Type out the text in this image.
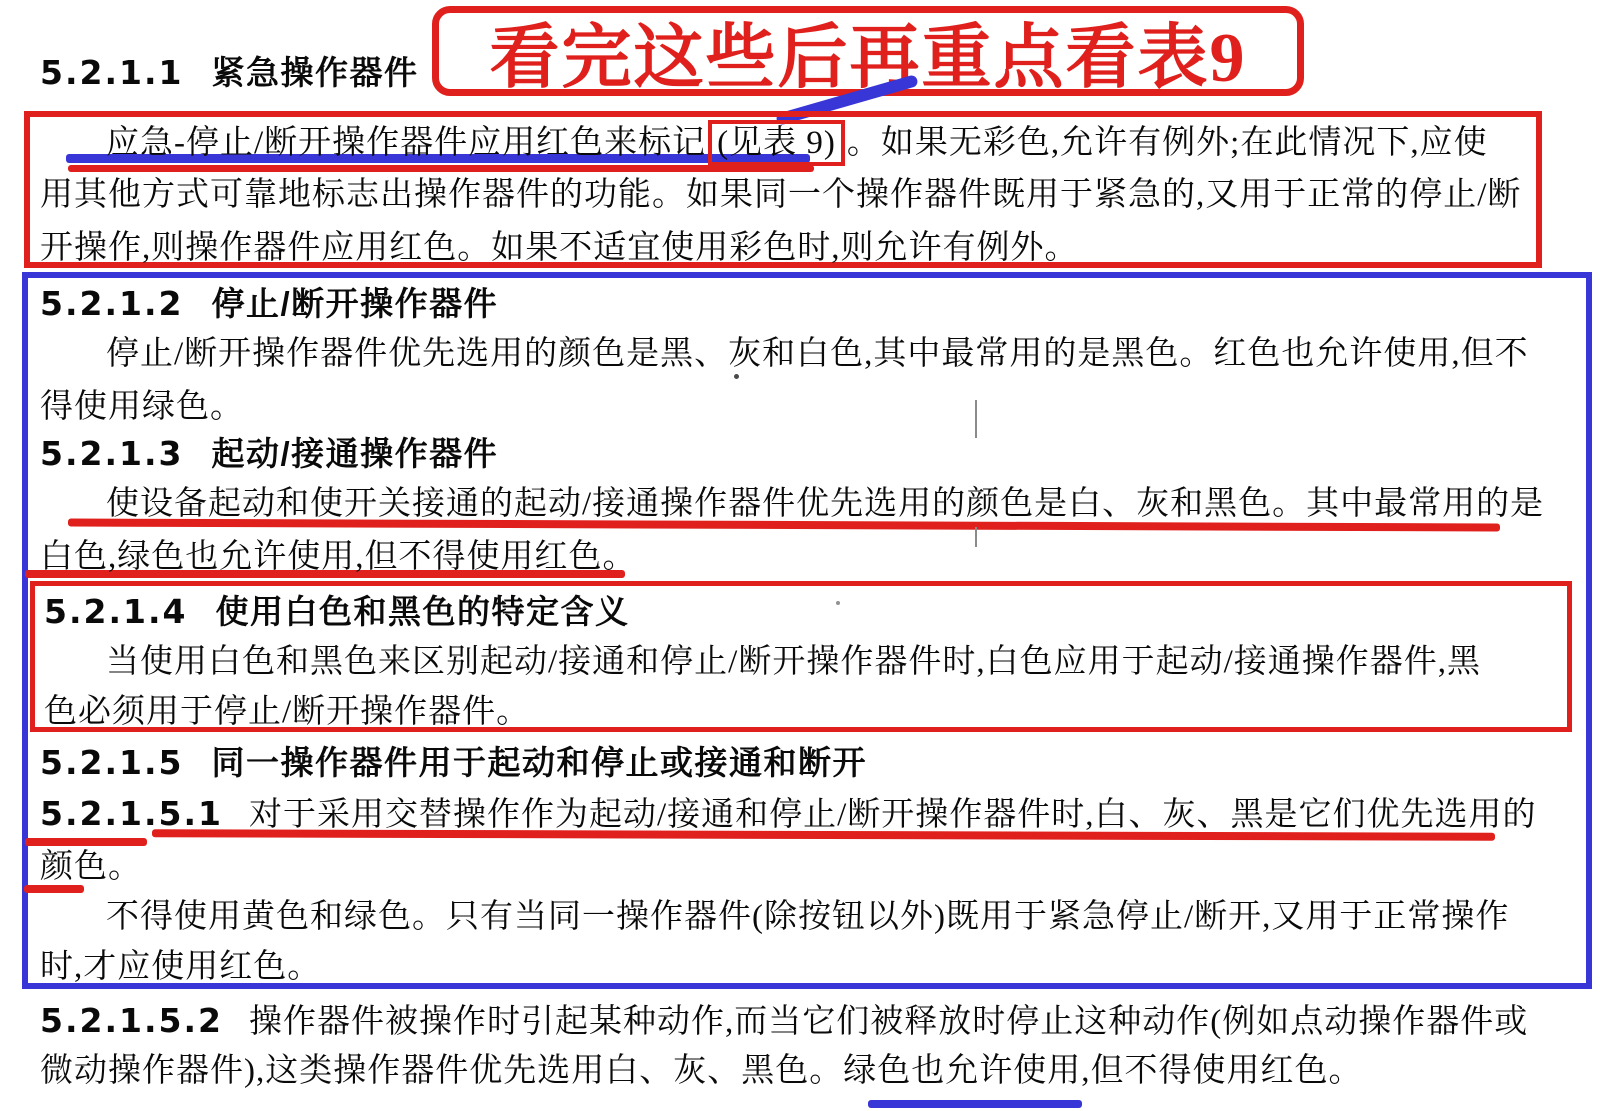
看完这些后再重点看表9
5.2.1.1 紧急操作器件
应急-停止/断开操作器件应用红色来标记 (见表 9) 。如果无彩色,允许有例外;在此情况下,应使
用其他方式可靠地标志出操作器件的功能。如果同一个操作器件既用于紧急的,又用于正常的停止/断
开操作,则操作器件应用红色。如果不适宜使用彩色时,则允许有例外。
5.2.1.2 停止/断开操作器件
停止/断开操作器件优先选用的颜色是黑、灰和白色,其中最常用的是黑色。红色也允许使用,但不
得使用绿色。
5.2.1.3 起动/接通操作器件
使设备起动和使开关接通的起动/接通操作器件优先选用的颜色是白、灰和黑色。其中最常用的是
白色,绿色也允许使用,但不得使用红色。
5.2.1.4 使用白色和黑色的特定含义
当使用白色和黑色来区别起动/接通和停止/断开操作器件时,白色应用于起动/接通操作器件,黑
色必须用于停止/断开操作器件。
5.2.1.5 同一操作器件用于起动和停止或接通和断开
5.2.1.5.1 对于采用交替操作作为起动/接通和停止/断开操作器件时,白、灰、黑是它们优先选用的
颜色。
不得使用黄色和绿色。只有当同一操作器件(除按钮以外)既用于紧急停止/断开,又用于正常操作
时,才应使用红色。
5.2.1.5.2 操作器件被操作时引起某种动作,而当它们被释放时停止这种动作(例如点动操作器件或
微动操作器件),这类操作器件优先选用白、灰、黑色。绿色也允许使用,但不得使用红色。
